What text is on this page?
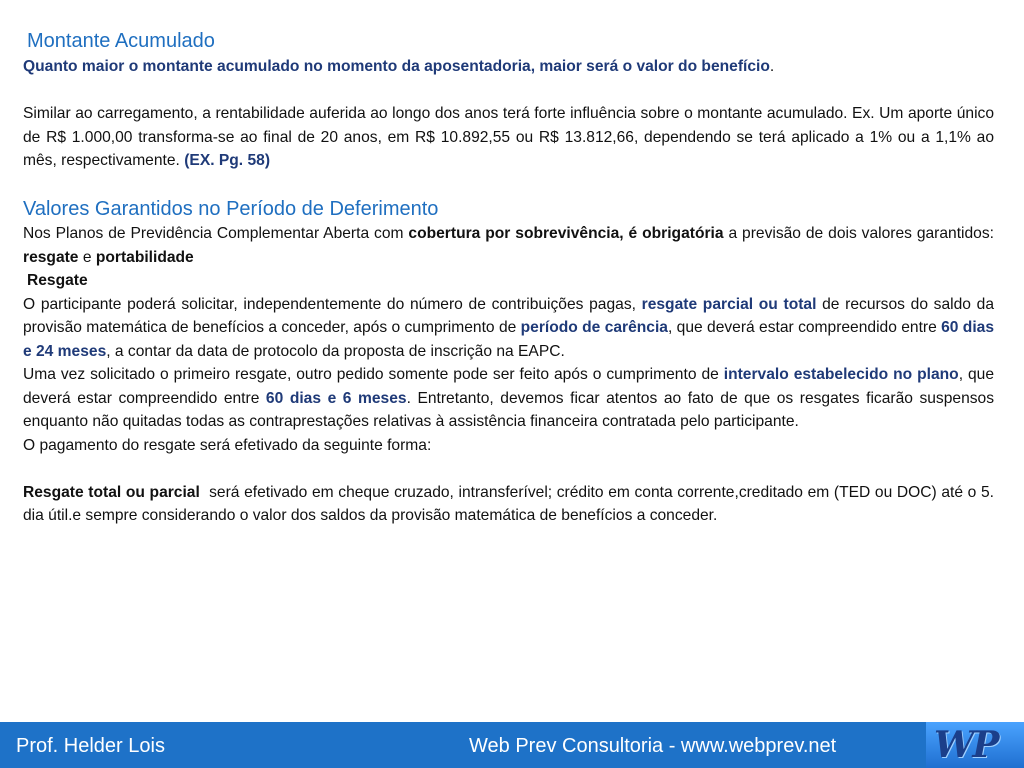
Montante Acumulado

Quanto maior o montante acumulado no momento da aposentadoria, maior será o valor do benefício.

Similar ao carregamento, a rentabilidade auferida ao longo dos anos terá forte influência sobre o montante acumulado. Ex. Um aporte único de R$ 1.000,00 transforma-se ao final de 20 anos, em R$ 10.892,55 ou R$ 13.812,66, dependendo se terá aplicado a 1% ou a 1,1% ao mês, respectivamente. (EX. Pg. 58)

Valores Garantidos no Período de Deferimento

Nos Planos de Previdência Complementar Aberta com cobertura por sobrevivência, é obrigatória a previsão de dois valores garantidos: resgate e portabilidade

Resgate

O participante poderá solicitar, independentemente do número de contribuições pagas, resgate parcial ou total de recursos do saldo da provisão matemática de benefícios a conceder, após o cumprimento de período de carência, que deverá estar compreendido entre 60 dias e 24 meses, a contar da data de protocolo da proposta de inscrição na EAPC.

Uma vez solicitado o primeiro resgate, outro pedido somente pode ser feito após o cumprimento de intervalo estabelecido no plano, que deverá estar compreendido entre 60 dias e 6 meses. Entretanto, devemos ficar atentos ao fato de que os resgates ficarão suspensos enquanto não quitadas todas as contraprestações relativas à assistência financeira contratada pelo participante.

O pagamento do resgate será efetivado da seguinte forma:

Resgate total ou parcial  será efetivado em cheque cruzado, intransferível; crédito em conta corrente,creditado em (TED ou DOC) até o 5. dia útil.e sempre considerando o valor dos saldos da provisão matemática de benefícios a conceder.

Prof. Helder Lois	Web Prev Consultoria - www.webprev.net	WP
